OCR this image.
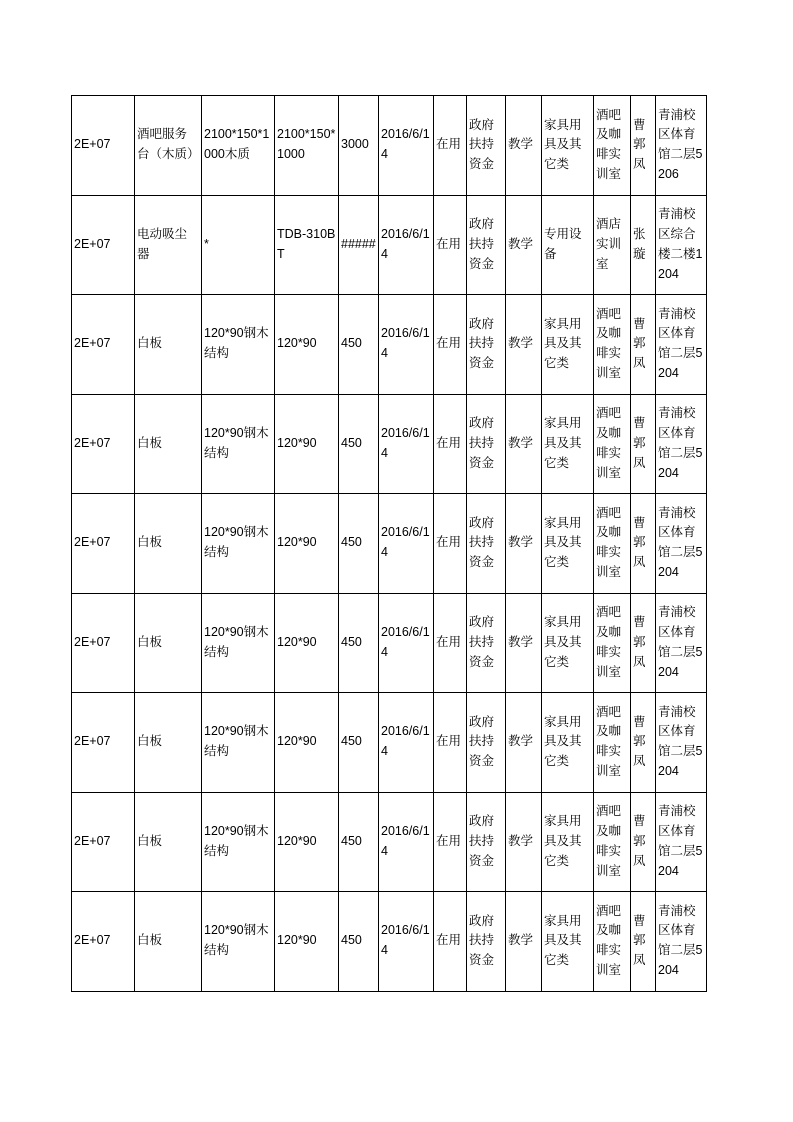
2E+07	酒吧服务台（木质）	2100*150*1000木质	2100*150*1000	3000	2016/6/14	在用	政府扶持资金	教学	家具用具及其它类	酒吧及咖啡实训室	曹郭凤	青浦校区体育馆二层5206
2E+07	电动吸尘器	*	TDB-310BT	#####	2016/6/14	在用	政府扶持资金	教学	专用设备	酒店实训室	张璇	青浦校区综合楼二楼1204
2E+07	白板	120*90钢木结构	120*90	450	2016/6/14	在用	政府扶持资金	教学	家具用具及其它类	酒吧及咖啡实训室	曹郭凤	青浦校区体育馆二层5204
2E+07	白板	120*90钢木结构	120*90	450	2016/6/14	在用	政府扶持资金	教学	家具用具及其它类	酒吧及咖啡实训室	曹郭凤	青浦校区体育馆二层5204
2E+07	白板	120*90钢木结构	120*90	450	2016/6/14	在用	政府扶持资金	教学	家具用具及其它类	酒吧及咖啡实训室	曹郭凤	青浦校区体育馆二层5204
2E+07	白板	120*90钢木结构	120*90	450	2016/6/14	在用	政府扶持资金	教学	家具用具及其它类	酒吧及咖啡实训室	曹郭凤	青浦校区体育馆二层5204
2E+07	白板	120*90钢木结构	120*90	450	2016/6/14	在用	政府扶持资金	教学	家具用具及其它类	酒吧及咖啡实训室	曹郭凤	青浦校区体育馆二层5204
2E+07	白板	120*90钢木结构	120*90	450	2016/6/14	在用	政府扶持资金	教学	家具用具及其它类	酒吧及咖啡实训室	曹郭凤	青浦校区体育馆二层5204
2E+07	白板	120*90钢木结构	120*90	450	2016/6/14	在用	政府扶持资金	教学	家具用具及其它类	酒吧及咖啡实训室	曹郭凤	青浦校区体育馆二层5204
